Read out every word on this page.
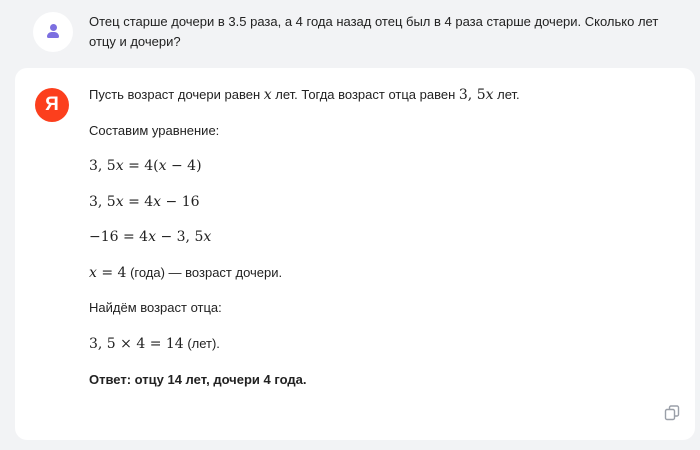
Отец старше дочери в 3.5 раза, а 4 года назад отец был в 4 раза старше дочери. Сколько лет отцу и дочери?
Я	Пусть возраст дочери равен x лет. Тогда возраст отца равен 3, 5x лет.
Составим уравнение:
3, 5x = 4(x − 4)
3, 5x = 4x − 16
−16 = 4x − 3, 5x
x = 4 (года) — возраст дочери.
Найдём возраст отца:
3, 5 × 4 = 14 (лет).
Ответ: отцу 14 лет, дочери 4 года.
